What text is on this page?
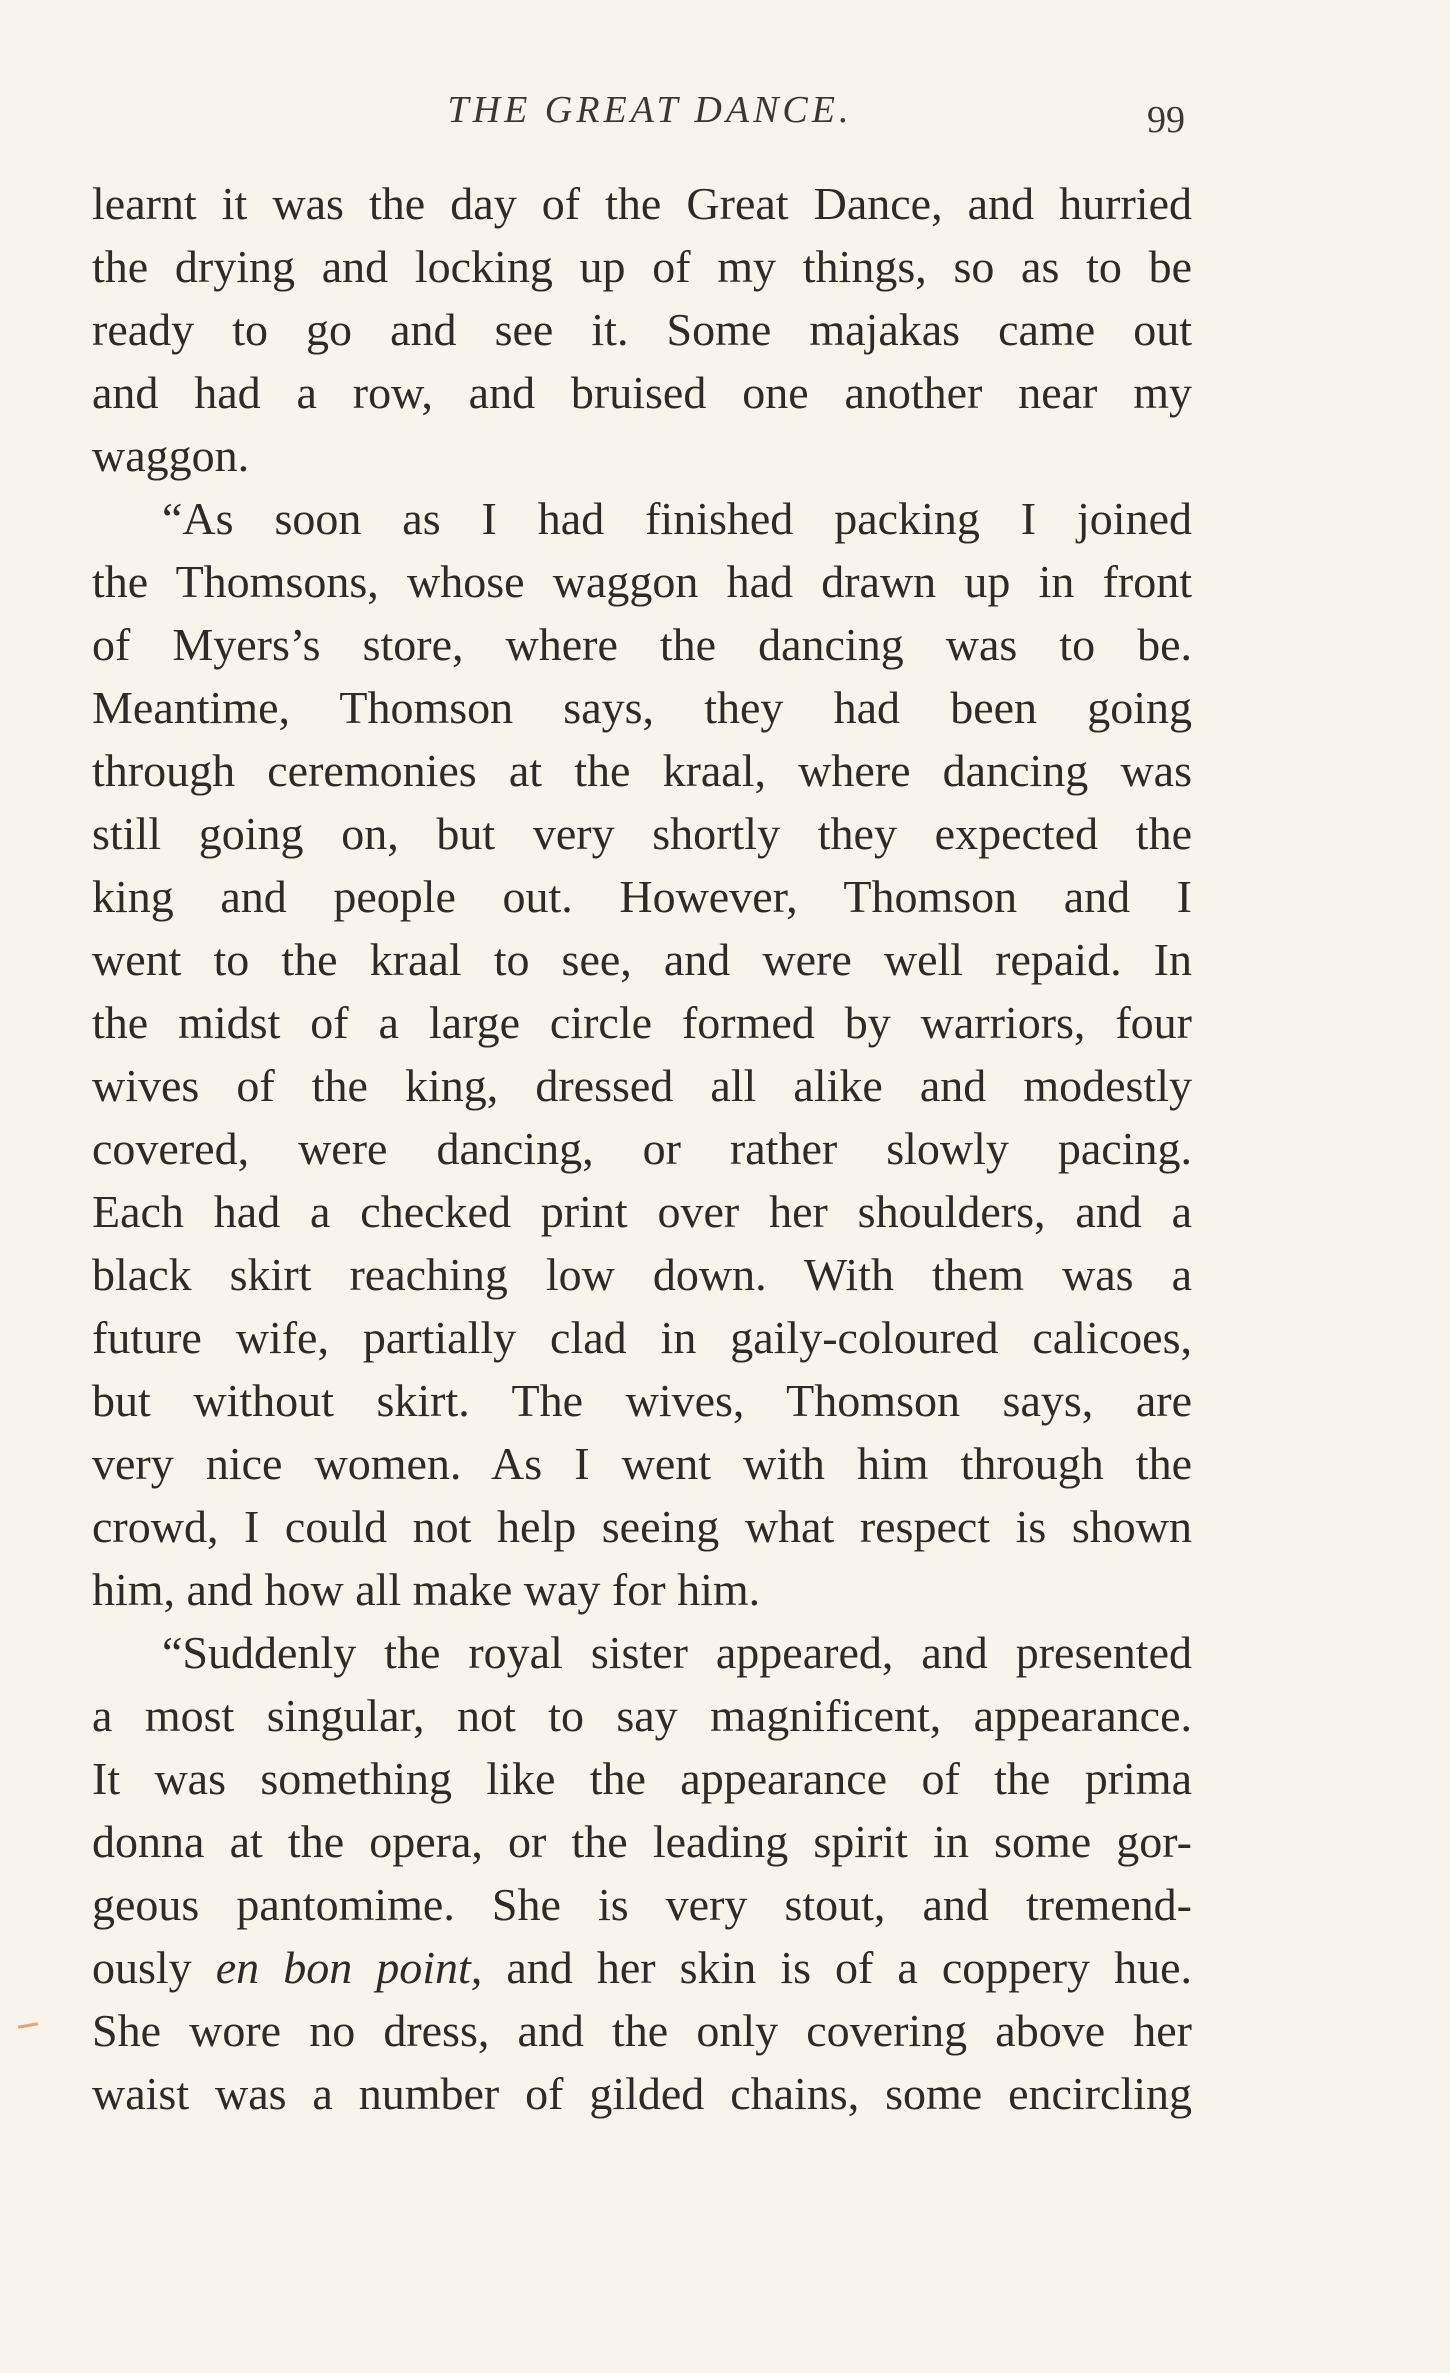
THE GREAT DANCE.	99
learnt it was the day of the Great Dance, and hurried
the drying and locking up of my things, so as to be
ready to go and see it. Some majakas came out
and had a row, and bruised one another near my
waggon.
“As soon as I had finished packing I joined
the Thomsons, whose waggon had drawn up in front
of Myers’s store, where the dancing was to be.
Meantime, Thomson says, they had been going
through ceremonies at the kraal, where dancing was
still going on, but very shortly they expected the
king and people out. However, Thomson and I
went to the kraal to see, and were well repaid. In
the midst of a large circle formed by warriors, four
wives of the king, dressed all alike and modestly
covered, were dancing, or rather slowly pacing.
Each had a checked print over her shoulders, and a
black skirt reaching low down. With them was a
future wife, partially clad in gaily-coloured calicoes,
but without skirt. The wives, Thomson says, are
very nice women. As I went with him through the
crowd, I could not help seeing what respect is shown
him, and how all make way for him.
“Suddenly the royal sister appeared, and presented
a most singular, not to say magnificent, appearance.
It was something like the appearance of the prima
donna at the opera, or the leading spirit in some gor-
geous pantomime. She is very stout, and tremend-
ously en bon point, and her skin is of a coppery hue.
She wore no dress, and the only covering above her
waist was a number of gilded chains, some encircling
